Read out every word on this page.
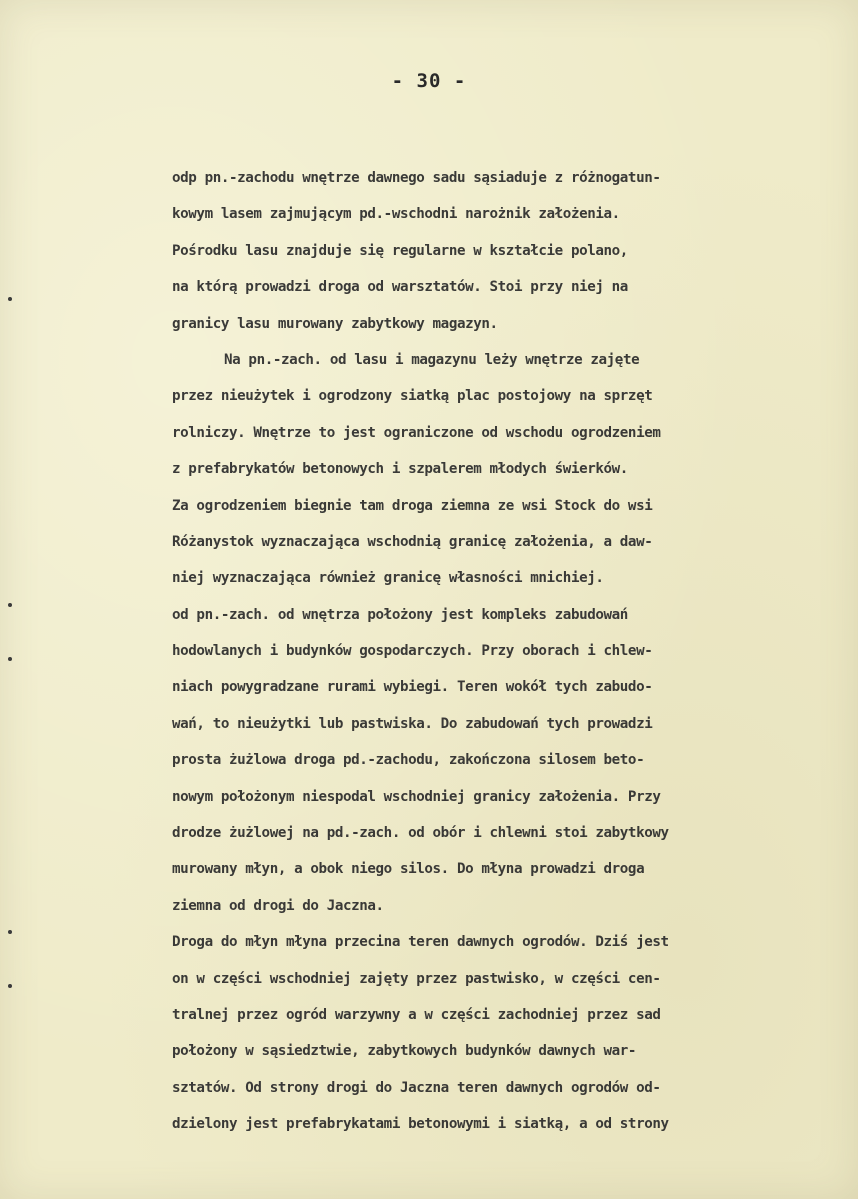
- 30 -
odp pn.-zachodu wnętrze dawnego sadu sąsiaduje z różnogatun-
kowym lasem zajmującym pd.-wschodni narożnik założenia.
Pośrodku lasu znajduje się regularne w kształcie polano,
na którą prowadzi droga od warsztatów. Stoi przy niej na
granicy lasu murowany zabytkowy magazyn.
Na pn.-zach. od lasu i magazynu leży wnętrze zajęte
przez nieużytek i ogrodzony siatką plac postojowy na sprzęt
rolniczy. Wnętrze to jest ograniczone od wschodu ogrodzeniem
z prefabrykatów betonowych i szpalerem młodych świerków.
Za ogrodzeniem biegnie tam droga ziemna ze wsi Stock do wsi
Różanystok wyznaczająca wschodnią granicę założenia, a daw-
niej wyznaczająca również granicę własności mnichiej.
od pn.-zach. od wnętrza położony jest kompleks zabudowań
hodowlanych i budynków gospodarczych. Przy oborach i chlew-
niach powygradzane rurami wybiegi. Teren wokół tych zabudo-
wań, to nieużytki lub pastwiska. Do zabudowań tych prowadzi
prosta żużlowa droga pd.-zachodu, zakończona silosem beto-
nowym położonym niespodal wschodniej granicy założenia. Przy
drodze żużlowej na pd.-zach. od obór i chlewni stoi zabytkowy
murowany młyn, a obok niego silos. Do młyna prowadzi droga
ziemna od drogi do Jaczna.
Droga do młyn młyna przecina teren dawnych ogrodów. Dziś jest
on w części wschodniej zajęty przez pastwisko, w części cen-
tralnej przez ogród warzywny a w części zachodniej przez sad
położony w sąsiedztwie, zabytkowych budynków dawnych war-
sztatów. Od strony drogi do Jaczna teren dawnych ogrodów od-
dzielony jest prefabrykatami betonowymi i siatką, a od strony
